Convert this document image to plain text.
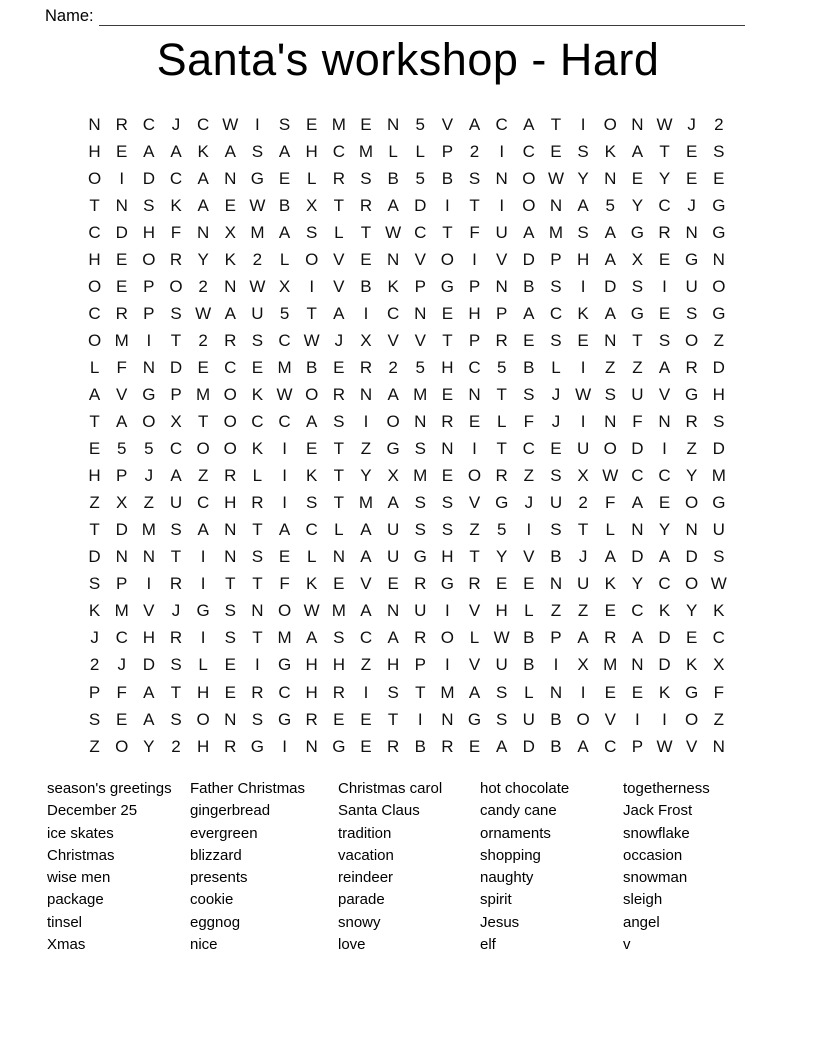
Name:
Santa's workshop - Hard
N R C J C W I	S E M E N 5 V A C A T	I	O N W J	2
H E A A K A S A H C M L	L P 2	I	C E S K A T E S
O	I	D C A N G E L R S B 5 B S N O W Y N E Y E E
T N S K A E W B X T R A D	I	T	I	O N A 5 Y C J G
C D H F N X M A S L	T W C T F U A M S A G R N G
H E O R Y K 2	L O V E N V O	I	V D P H A X E G N
O E P O 2 N W X	I	V B K P G P N B S	I	D S	I	U O
C R P S W A U 5	T A	I	C N E H P A C K A G E S G
O M	I	T	2 R S C W J	X V V T P R E S E N T S O Z
L	F N D E C E M B E R 2	5 H C 5 B L	I	Z Z A R D
A V G P M O K W O R N A M E N T S	J W S U V G H
T A O X T O C C A S	I	O N R E L	F	J	I	N F N R S
E 5	5 C O O K	I	E T Z G S N	I	T C E U O D	I	Z D
H P	J	A Z R L	I	K T Y X M E O R Z S X W C C Y M
Z X Z U C H R	I	S T M A S S V G J U 2	F A E O G
T D M S A N T A C L A U S S Z	5	I	S T	L N Y N U
D N N T	I	N S E L N A U G H T Y V B	J	A D A D S
S P	I	R	I	T T F K E V E R G R E E N U K Y C O W
K M V	J G S N O W M A N U	I	V H L	Z Z E C K Y K
J C H R	I	S T M A S C A R O L W B P A R A D E C
2	J D S L E	I	G H H Z H P	I	V U B	I	X M N D K X
P F A T H E R C H R	I	S T M A S L N	I	E E K G F
S E A S O N S G R E E T	I	N G S U B O V	I	I	O Z
Z O Y 2 H R G	I	N G E R B R E A D B A C P W V N
season's greetings
December 25
ice skates
Christmas
wise men
package
tinsel
Xmas
Father Christmas
gingerbread
evergreen
blizzard
presents
cookie
eggnog
nice
Christmas carol
Santa Claus
tradition
vacation
reindeer
parade
snowy
love
hot chocolate
candy cane
ornaments
shopping
naughty
spirit
Jesus
elf
togetherness
Jack Frost
snowflake
occasion
snowman
sleigh
angel
v
